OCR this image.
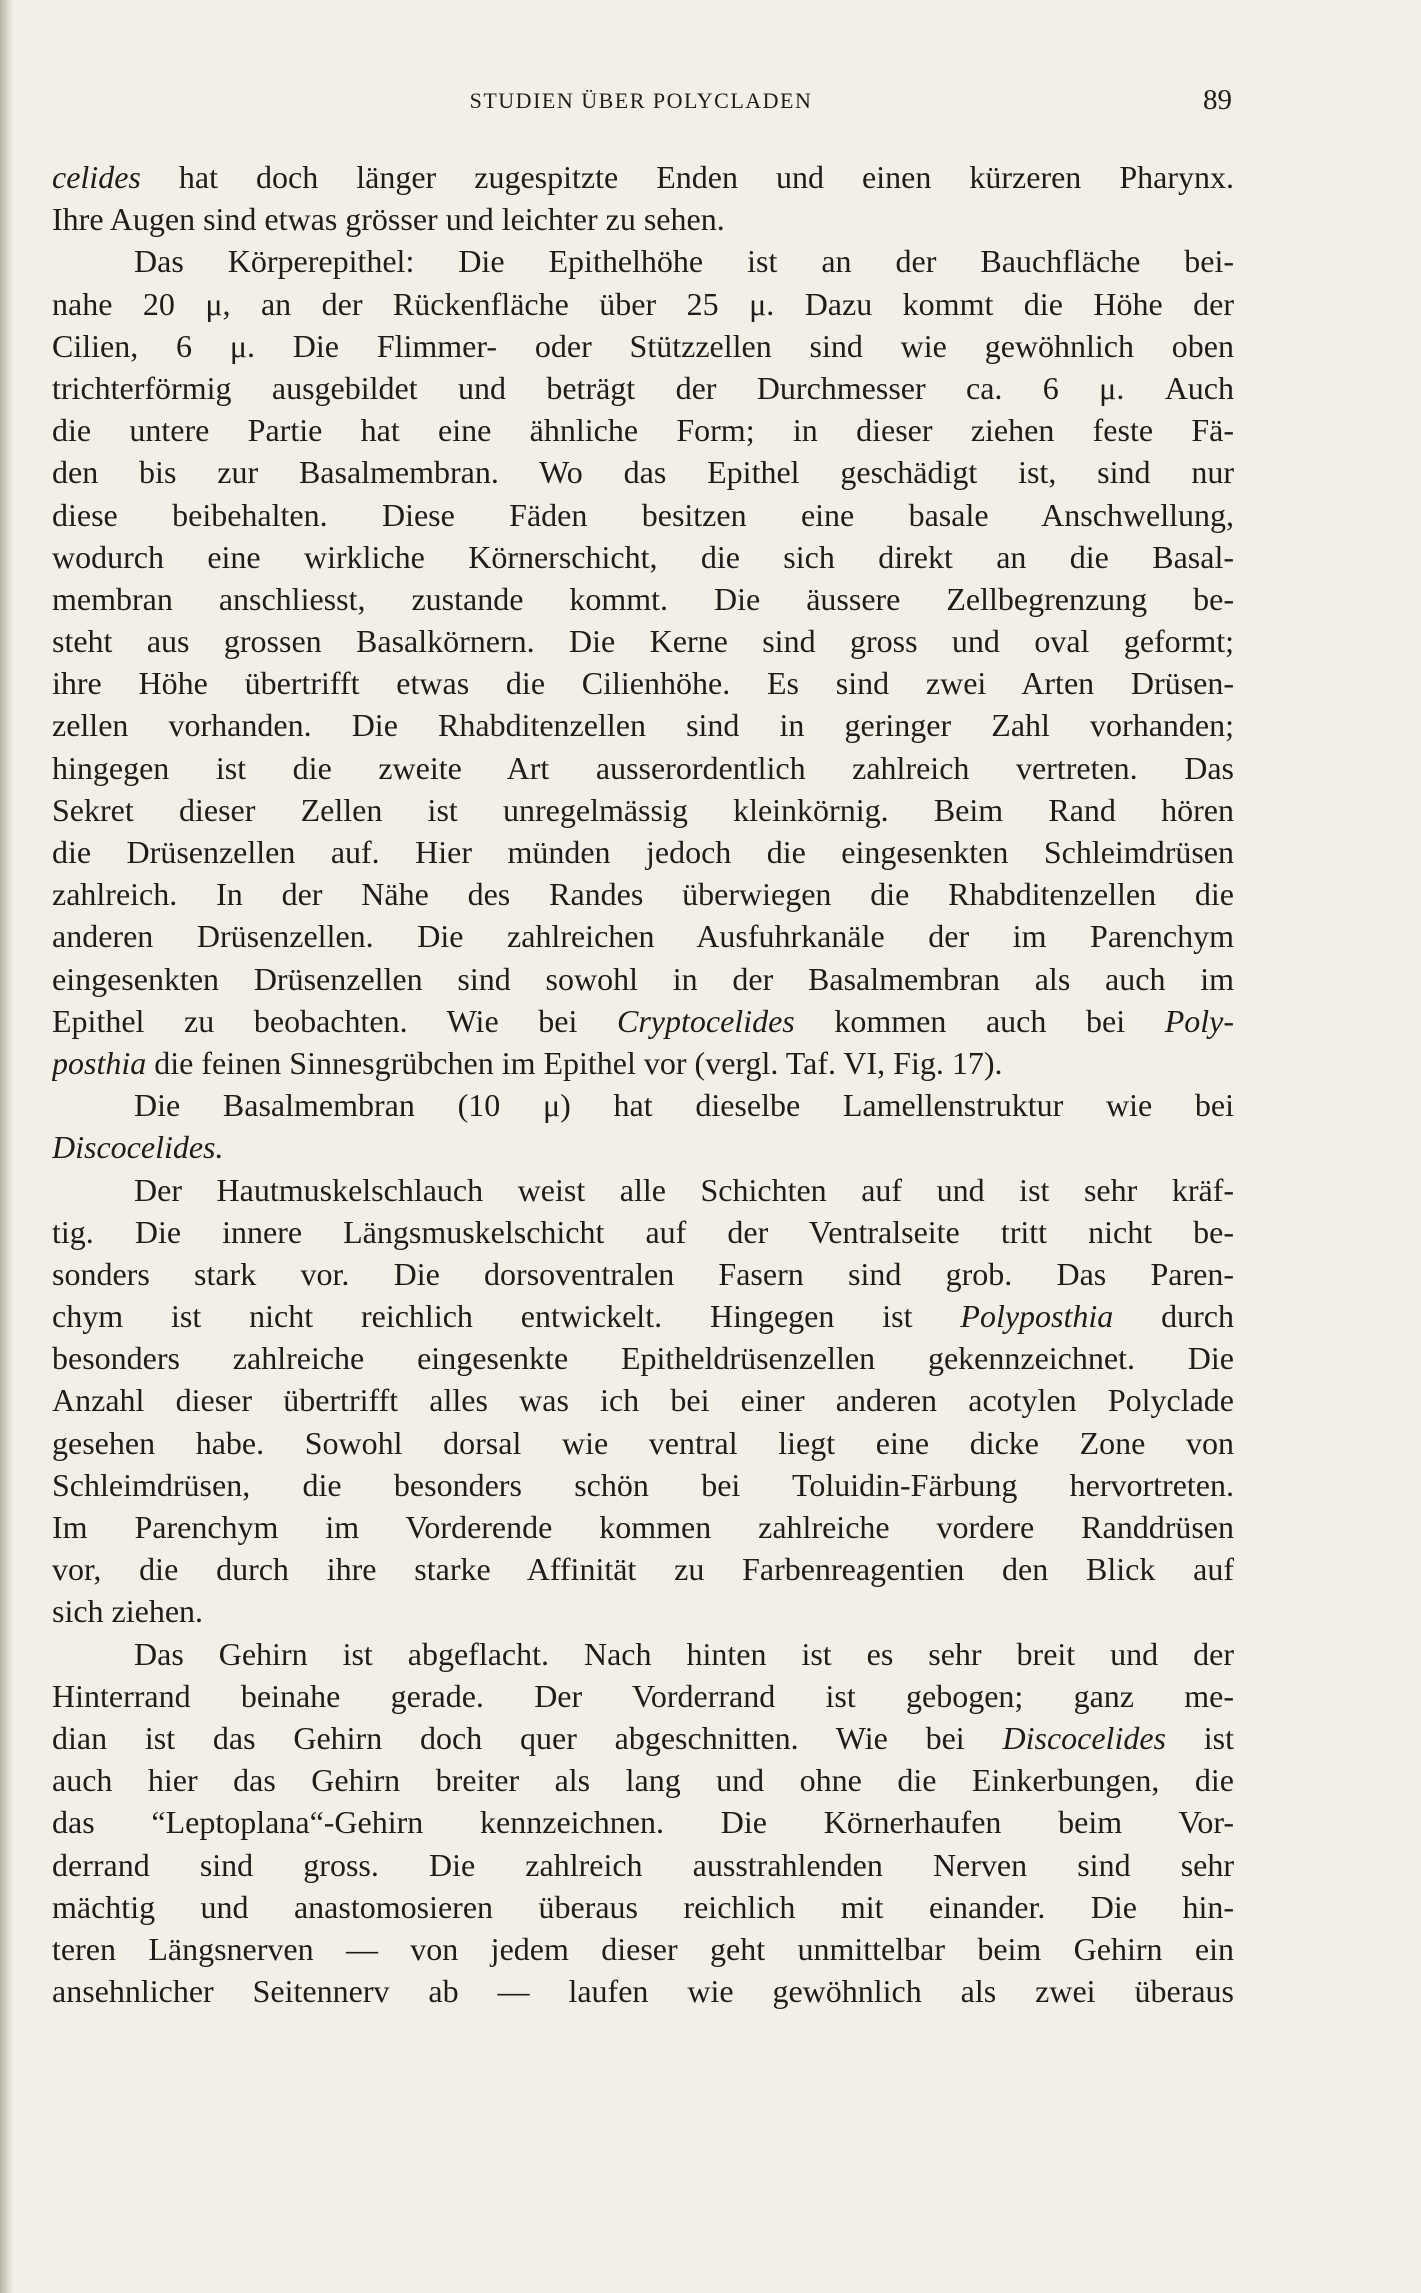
STUDIEN ÜBER POLYCLADEN	89
celides hat doch länger zugespitzte Enden und einen kürzeren Pharynx.
Ihre Augen sind etwas grösser und leichter zu sehen.
Das Körperepithel: Die Epithelhöhe ist an der Bauchfläche bei-
nahe 20 μ, an der Rückenfläche über 25 μ. Dazu kommt die Höhe der
Cilien, 6 μ. Die Flimmer- oder Stützzellen sind wie gewöhnlich oben
trichterförmig ausgebildet und beträgt der Durchmesser ca. 6 μ. Auch
die untere Partie hat eine ähnliche Form; in dieser ziehen feste Fä-
den bis zur Basalmembran. Wo das Epithel geschädigt ist, sind nur
diese beibehalten. Diese Fäden besitzen eine basale Anschwellung,
wodurch eine wirkliche Körnerschicht, die sich direkt an die Basal-
membran anschliesst, zustande kommt. Die äussere Zellbegrenzung be-
steht aus grossen Basalkörnern. Die Kerne sind gross und oval geformt;
ihre Höhe übertrifft etwas die Cilienhöhe. Es sind zwei Arten Drüsen-
zellen vorhanden. Die Rhabditenzellen sind in geringer Zahl vorhanden;
hingegen ist die zweite Art ausserordentlich zahlreich vertreten. Das
Sekret dieser Zellen ist unregelmässig kleinkörnig. Beim Rand hören
die Drüsenzellen auf. Hier münden jedoch die eingesenkten Schleimdrüsen
zahlreich. In der Nähe des Randes überwiegen die Rhabditenzellen die
anderen Drüsenzellen. Die zahlreichen Ausfuhrkanäle der im Parenchym
eingesenkten Drüsenzellen sind sowohl in der Basalmembran als auch im
Epithel zu beobachten. Wie bei Cryptocelides kommen auch bei Poly-
posthia die feinen Sinnesgrübchen im Epithel vor (vergl. Taf. VI, Fig. 17).
Die Basalmembran (10 μ) hat dieselbe Lamellenstruktur wie bei
Discocelides.
Der Hautmuskelschlauch weist alle Schichten auf und ist sehr kräf-
tig. Die innere Längsmuskelschicht auf der Ventralseite tritt nicht be-
sonders stark vor. Die dorsoventralen Fasern sind grob. Das Paren-
chym ist nicht reichlich entwickelt. Hingegen ist Polyposthia durch
besonders zahlreiche eingesenkte Epitheldrüsenzellen gekennzeichnet. Die
Anzahl dieser übertrifft alles was ich bei einer anderen acotylen Polyclade
gesehen habe. Sowohl dorsal wie ventral liegt eine dicke Zone von
Schleimdrüsen, die besonders schön bei Toluidin-Färbung hervortreten.
Im Parenchym im Vorderende kommen zahlreiche vordere Randdrüsen
vor, die durch ihre starke Affinität zu Farbenreagentien den Blick auf
sich ziehen.
Das Gehirn ist abgeflacht. Nach hinten ist es sehr breit und der
Hinterrand beinahe gerade. Der Vorderrand ist gebogen; ganz me-
dian ist das Gehirn doch quer abgeschnitten. Wie bei Discocelides ist
auch hier das Gehirn breiter als lang und ohne die Einkerbungen, die
das “Leptoplana“-Gehirn kennzeichnen. Die Körnerhaufen beim Vor-
derrand sind gross. Die zahlreich ausstrahlenden Nerven sind sehr
mächtig und anastomosieren überaus reichlich mit einander. Die hin-
teren Längsnerven — von jedem dieser geht unmittelbar beim Gehirn ein
ansehnlicher Seitennerv ab — laufen wie gewöhnlich als zwei überaus
